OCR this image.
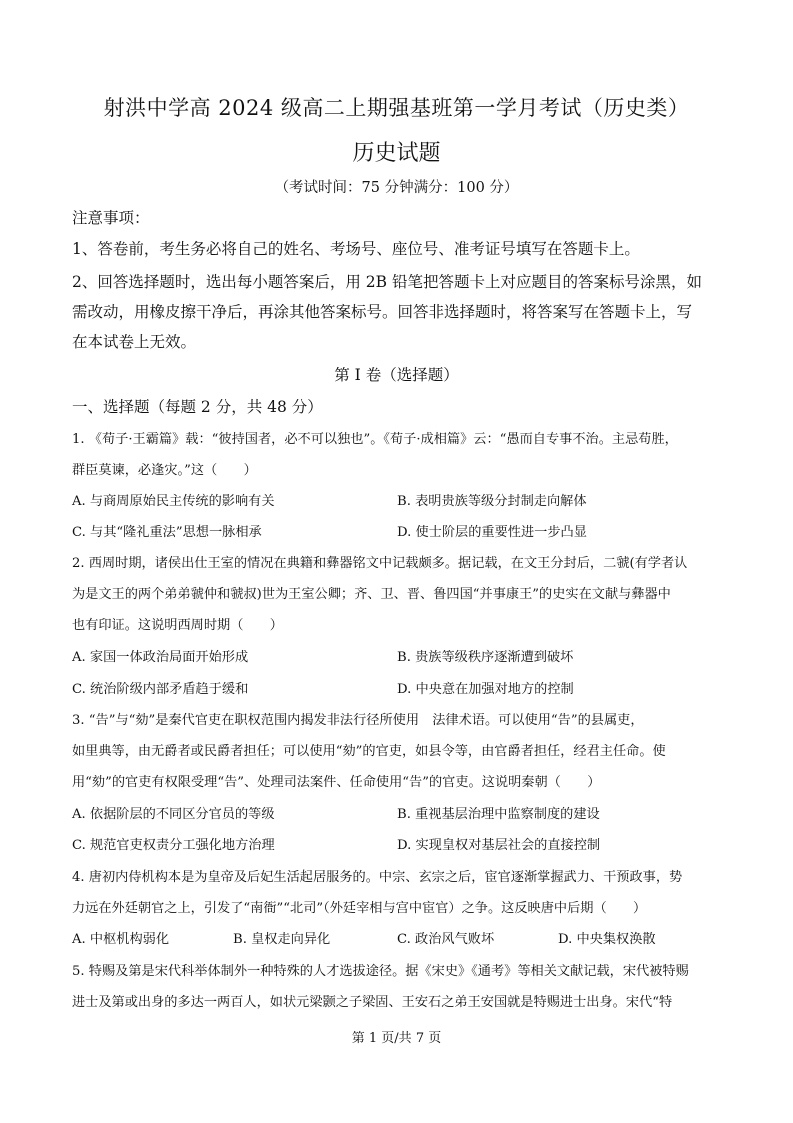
射洪中学高 2024 级高二上期强基班第一学月考试（历史类）
历史试题
（考试时间：75 分钟满分：100 分）
注意事项：
1、答卷前，考生务必将自己的姓名、考场号、座位号、准考证号填写在答题卡上。
2、回答选择题时，选出每小题答案后，用 2B 铅笔把答题卡上对应题目的答案标号涂黑，如
需改动，用橡皮擦干净后，再涂其他答案标号。回答非选择题时，将答案写在答题卡上，写
在本试卷上无效。
第 I 卷（选择题）
一、选择题（每题 2 分，共 48 分）
1. 《荀子·王霸篇》载：“彼持国者，必不可以独也”。《荀子·成相篇》云：“愚而自专事不治。主忌苟胜，
群臣莫谏，必逢灾。”这（　　）
A. 与商周原始民主传统的影响有关	B. 表明贵族等级分封制走向解体
C. 与其“隆礼重法”思想一脉相承	D. 使士阶层的重要性进一步凸显
2. 西周时期，诸侯出仕王室的情况在典籍和彝器铭文中记载颇多。据记载，在文王分封后，二虢(有学者认
为是文王的两个弟弟虢仲和虢叔)世为王室公卿；齐、卫、晋、鲁四国“并事康王”的史实在文献与彝器中
也有印证。这说明西周时期（　　）
A. 家国一体政治局面开始形成	B. 贵族等级秩序逐渐遭到破坏
C. 统治阶级内部矛盾趋于缓和	D. 中央意在加强对地方的控制
3. “告”与“劾”是秦代官吏在职权范围内揭发非法行径所使用　法律术语。可以使用“告”的县属吏，
如里典等，由无爵者或民爵者担任；可以使用“劾”的官吏，如县令等，由官爵者担任，经君主任命。使
用“劾”的官吏有权限受理“告”、处理司法案件、任命使用“告”的官吏。这说明秦朝（　　）
A. 依据阶层的不同区分官员的等级	B. 重视基层治理中监察制度的建设
C. 规范官吏权责分工强化地方治理	D. 实现皇权对基层社会的直接控制
4. 唐初内侍机构本是为皇帝及后妃生活起居服务的。中宗、玄宗之后，宦官逐渐掌握武力、干预政事，势
力远在外廷朝官之上，引发了“南衙”“北司”（外廷宰相与宫中宦官）之争。这反映唐中后期（　　）
A. 中枢机构弱化	B. 皇权走向异化	C. 政治风气败坏	D. 中央集权涣散
5. 特赐及第是宋代科举体制外一种特殊的人才选拔途径。据《宋史》《通考》等相关文献记载，宋代被特赐
进士及第或出身的多达一两百人，如状元梁颢之子梁固、王安石之弟王安国就是特赐进士出身。宋代“特
第 1 页/共 7 页
